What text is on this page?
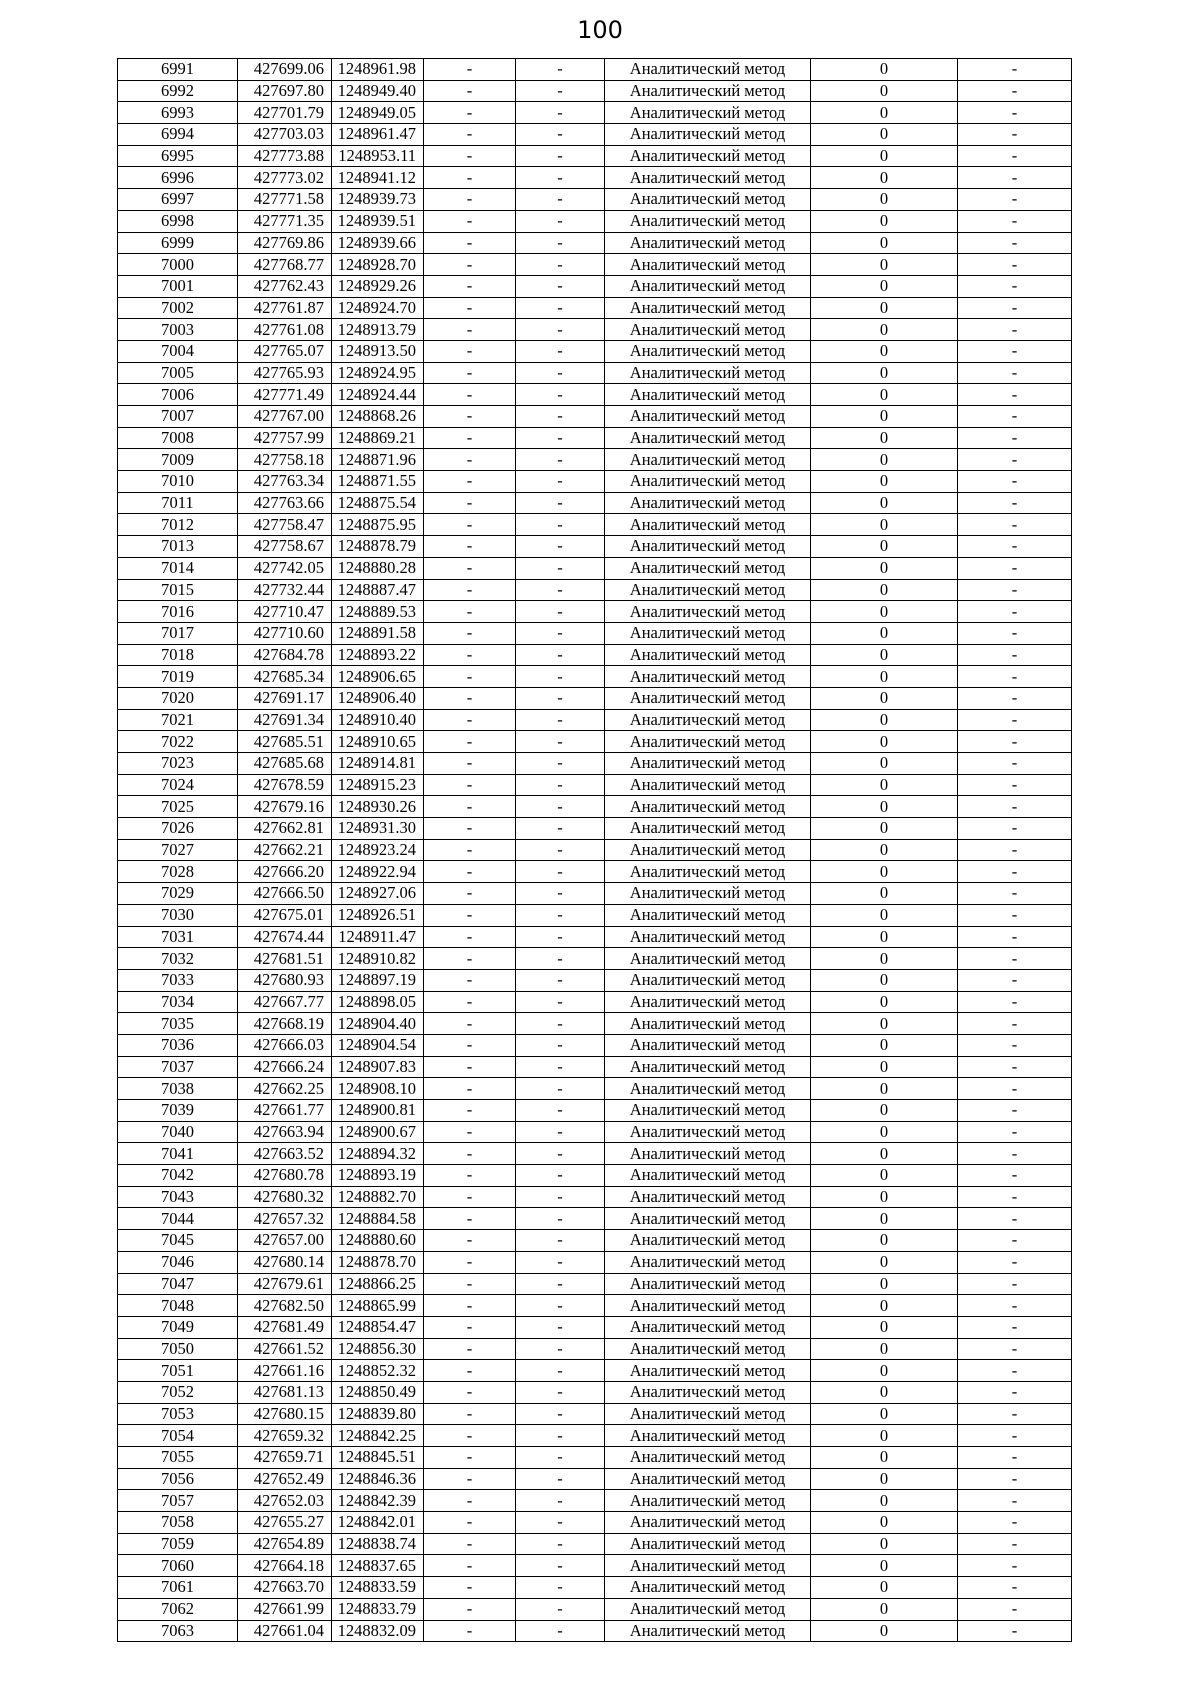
100
6991	427699.06	1248961.98	-	-	Аналитический метод	0	-
6992	427697.80	1248949.40	-	-	Аналитический метод	0	-
6993	427701.79	1248949.05	-	-	Аналитический метод	0	-
6994	427703.03	1248961.47	-	-	Аналитический метод	0	-
6995	427773.88	1248953.11	-	-	Аналитический метод	0	-
6996	427773.02	1248941.12	-	-	Аналитический метод	0	-
6997	427771.58	1248939.73	-	-	Аналитический метод	0	-
6998	427771.35	1248939.51	-	-	Аналитический метод	0	-
6999	427769.86	1248939.66	-	-	Аналитический метод	0	-
7000	427768.77	1248928.70	-	-	Аналитический метод	0	-
7001	427762.43	1248929.26	-	-	Аналитический метод	0	-
7002	427761.87	1248924.70	-	-	Аналитический метод	0	-
7003	427761.08	1248913.79	-	-	Аналитический метод	0	-
7004	427765.07	1248913.50	-	-	Аналитический метод	0	-
7005	427765.93	1248924.95	-	-	Аналитический метод	0	-
7006	427771.49	1248924.44	-	-	Аналитический метод	0	-
7007	427767.00	1248868.26	-	-	Аналитический метод	0	-
7008	427757.99	1248869.21	-	-	Аналитический метод	0	-
7009	427758.18	1248871.96	-	-	Аналитический метод	0	-
7010	427763.34	1248871.55	-	-	Аналитический метод	0	-
7011	427763.66	1248875.54	-	-	Аналитический метод	0	-
7012	427758.47	1248875.95	-	-	Аналитический метод	0	-
7013	427758.67	1248878.79	-	-	Аналитический метод	0	-
7014	427742.05	1248880.28	-	-	Аналитический метод	0	-
7015	427732.44	1248887.47	-	-	Аналитический метод	0	-
7016	427710.47	1248889.53	-	-	Аналитический метод	0	-
7017	427710.60	1248891.58	-	-	Аналитический метод	0	-
7018	427684.78	1248893.22	-	-	Аналитический метод	0	-
7019	427685.34	1248906.65	-	-	Аналитический метод	0	-
7020	427691.17	1248906.40	-	-	Аналитический метод	0	-
7021	427691.34	1248910.40	-	-	Аналитический метод	0	-
7022	427685.51	1248910.65	-	-	Аналитический метод	0	-
7023	427685.68	1248914.81	-	-	Аналитический метод	0	-
7024	427678.59	1248915.23	-	-	Аналитический метод	0	-
7025	427679.16	1248930.26	-	-	Аналитический метод	0	-
7026	427662.81	1248931.30	-	-	Аналитический метод	0	-
7027	427662.21	1248923.24	-	-	Аналитический метод	0	-
7028	427666.20	1248922.94	-	-	Аналитический метод	0	-
7029	427666.50	1248927.06	-	-	Аналитический метод	0	-
7030	427675.01	1248926.51	-	-	Аналитический метод	0	-
7031	427674.44	1248911.47	-	-	Аналитический метод	0	-
7032	427681.51	1248910.82	-	-	Аналитический метод	0	-
7033	427680.93	1248897.19	-	-	Аналитический метод	0	-
7034	427667.77	1248898.05	-	-	Аналитический метод	0	-
7035	427668.19	1248904.40	-	-	Аналитический метод	0	-
7036	427666.03	1248904.54	-	-	Аналитический метод	0	-
7037	427666.24	1248907.83	-	-	Аналитический метод	0	-
7038	427662.25	1248908.10	-	-	Аналитический метод	0	-
7039	427661.77	1248900.81	-	-	Аналитический метод	0	-
7040	427663.94	1248900.67	-	-	Аналитический метод	0	-
7041	427663.52	1248894.32	-	-	Аналитический метод	0	-
7042	427680.78	1248893.19	-	-	Аналитический метод	0	-
7043	427680.32	1248882.70	-	-	Аналитический метод	0	-
7044	427657.32	1248884.58	-	-	Аналитический метод	0	-
7045	427657.00	1248880.60	-	-	Аналитический метод	0	-
7046	427680.14	1248878.70	-	-	Аналитический метод	0	-
7047	427679.61	1248866.25	-	-	Аналитический метод	0	-
7048	427682.50	1248865.99	-	-	Аналитический метод	0	-
7049	427681.49	1248854.47	-	-	Аналитический метод	0	-
7050	427661.52	1248856.30	-	-	Аналитический метод	0	-
7051	427661.16	1248852.32	-	-	Аналитический метод	0	-
7052	427681.13	1248850.49	-	-	Аналитический метод	0	-
7053	427680.15	1248839.80	-	-	Аналитический метод	0	-
7054	427659.32	1248842.25	-	-	Аналитический метод	0	-
7055	427659.71	1248845.51	-	-	Аналитический метод	0	-
7056	427652.49	1248846.36	-	-	Аналитический метод	0	-
7057	427652.03	1248842.39	-	-	Аналитический метод	0	-
7058	427655.27	1248842.01	-	-	Аналитический метод	0	-
7059	427654.89	1248838.74	-	-	Аналитический метод	0	-
7060	427664.18	1248837.65	-	-	Аналитический метод	0	-
7061	427663.70	1248833.59	-	-	Аналитический метод	0	-
7062	427661.99	1248833.79	-	-	Аналитический метод	0	-
7063	427661.04	1248832.09	-	-	Аналитический метод	0	-
